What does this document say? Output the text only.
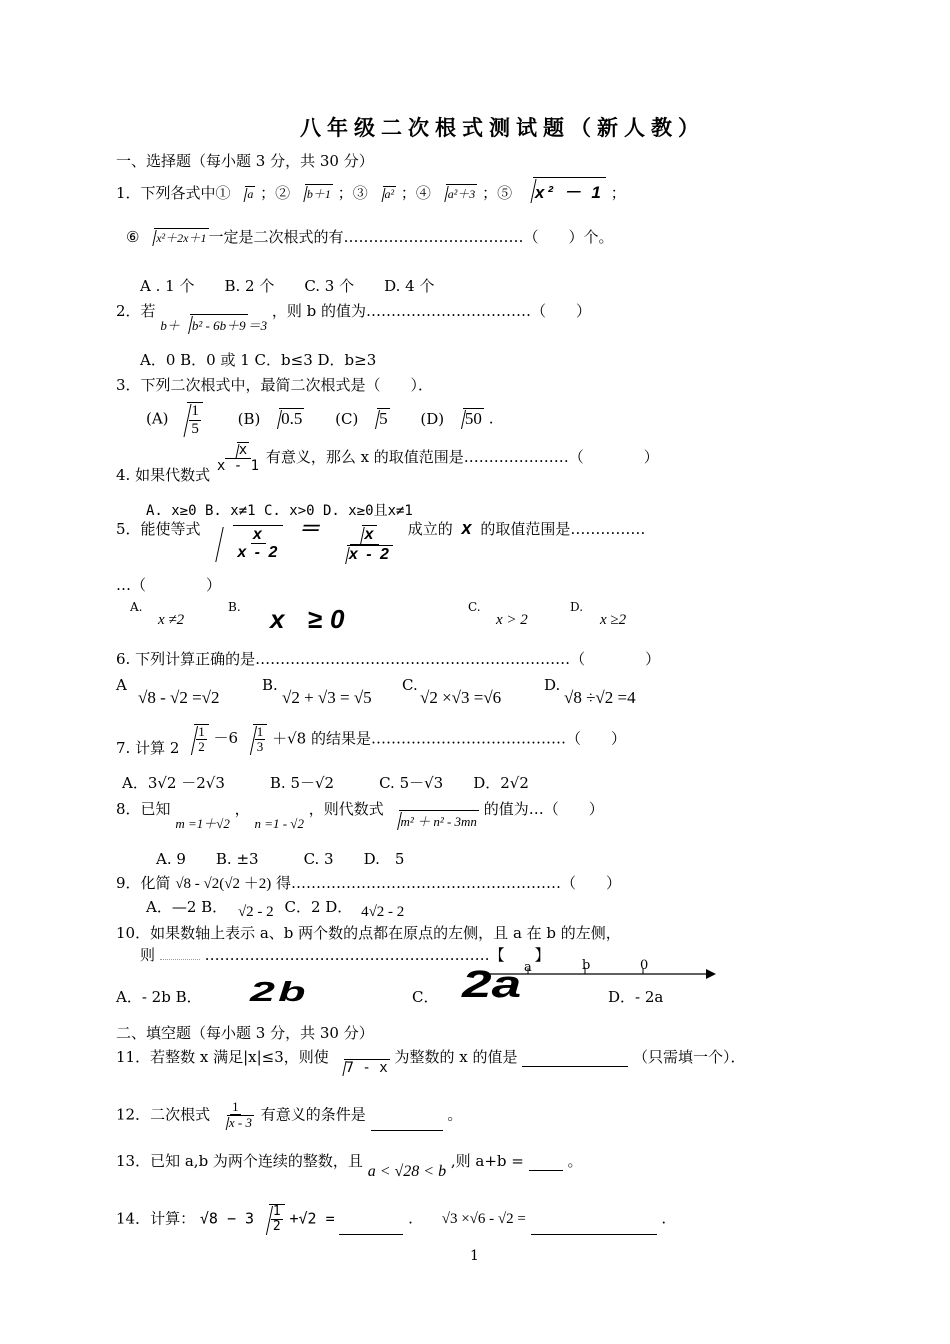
八年级二次根式测试题（新人教）
一、选择题（每小题 3 分，共 30 分）
1．下列各式中① a ；② b＋1 ；③ a² ；④ a²＋3 ；⑤ x² － 1 ；
⑥ x²＋2x＋1 一定是二次根式的有………………………………（　　）个。
A . 1 个　　B. 2 个　　C. 3 个　　D. 4 个
2．若 b＋ b² - 6b＋9 ＝3 ，则 b 的值为……………………………（　　）
A．0 B．0 或 1 C．b≤3 D．b≥3
3．下列二次根式中，最简二次根式是（　　）．
$(A) \frac{1}{5} (B)$ 0.5 (C) 5 (D) 50 .
4. 如果代数式
$\frac{x}{x - 1}$ 有意义，那么 x 的取值范围是…………………（　　　　）
A. x≥0 B. x≠1 C. x>0 D. x≥0且x≠1
5．能使等式 $\frac{x}{x - 2} = \frac{x}{x - 2}$ 成立的 x 的取值范围是……………
…（　　　　）
A.
x ≠2
B. x ≥0	C.
x > 2
D.
x ≥2
6. 下列计算正确的是………………………………………………………（　　　　）
A
√8 - √2 =√2
B.
√2 + √3 = √5
C.
√2 ×√3 =√6
D.
√8 ÷√2 =4
7. 计算 $2 \frac{1}{2} -6 \frac{1}{3} +√8$ 的结果是…………………………………（　　）
A．3√2 －2√3　　　B. 5－√2　　　C. 5－√3　　D．2√2
8．已知 m =1＋√2 ， n =1 - √2 ，则代数式 m² ＋ n² - 3mn 的值为…（　　）
A. 9　　B. ±3　　　C. 3　　D.　5
9．化简 √8 - √2(√2 ＋2) 得………………………………………………（　　）
A．—2 B． √2 - 2 C．2 D． 4√2 - 2
10．如果数轴上表示 a、b 两个数的点都在原点的左侧，且 a 在 b 的左侧，
则	…………………………………………………【　　】
A．- 2b B． 2b	C． 2a	D．- 2a
a	b	0
二、填空题（每小题 3 分，共 30 分）
11．若整数 x 满足|x|≤3，则使 7 - x 为整数的 x 的值是	（只需填一个）．
12．二次根式 $\frac{1}{x - 3}$ 有意义的条件是	。
13．已知 a,b 为两个连续的整数，且 a < √28 < b ,则 a+b =	。
14．计算： $√8 - 3 \frac{1}{2} +√2$ =	. √3 ×√6 - √2 =	.
1
